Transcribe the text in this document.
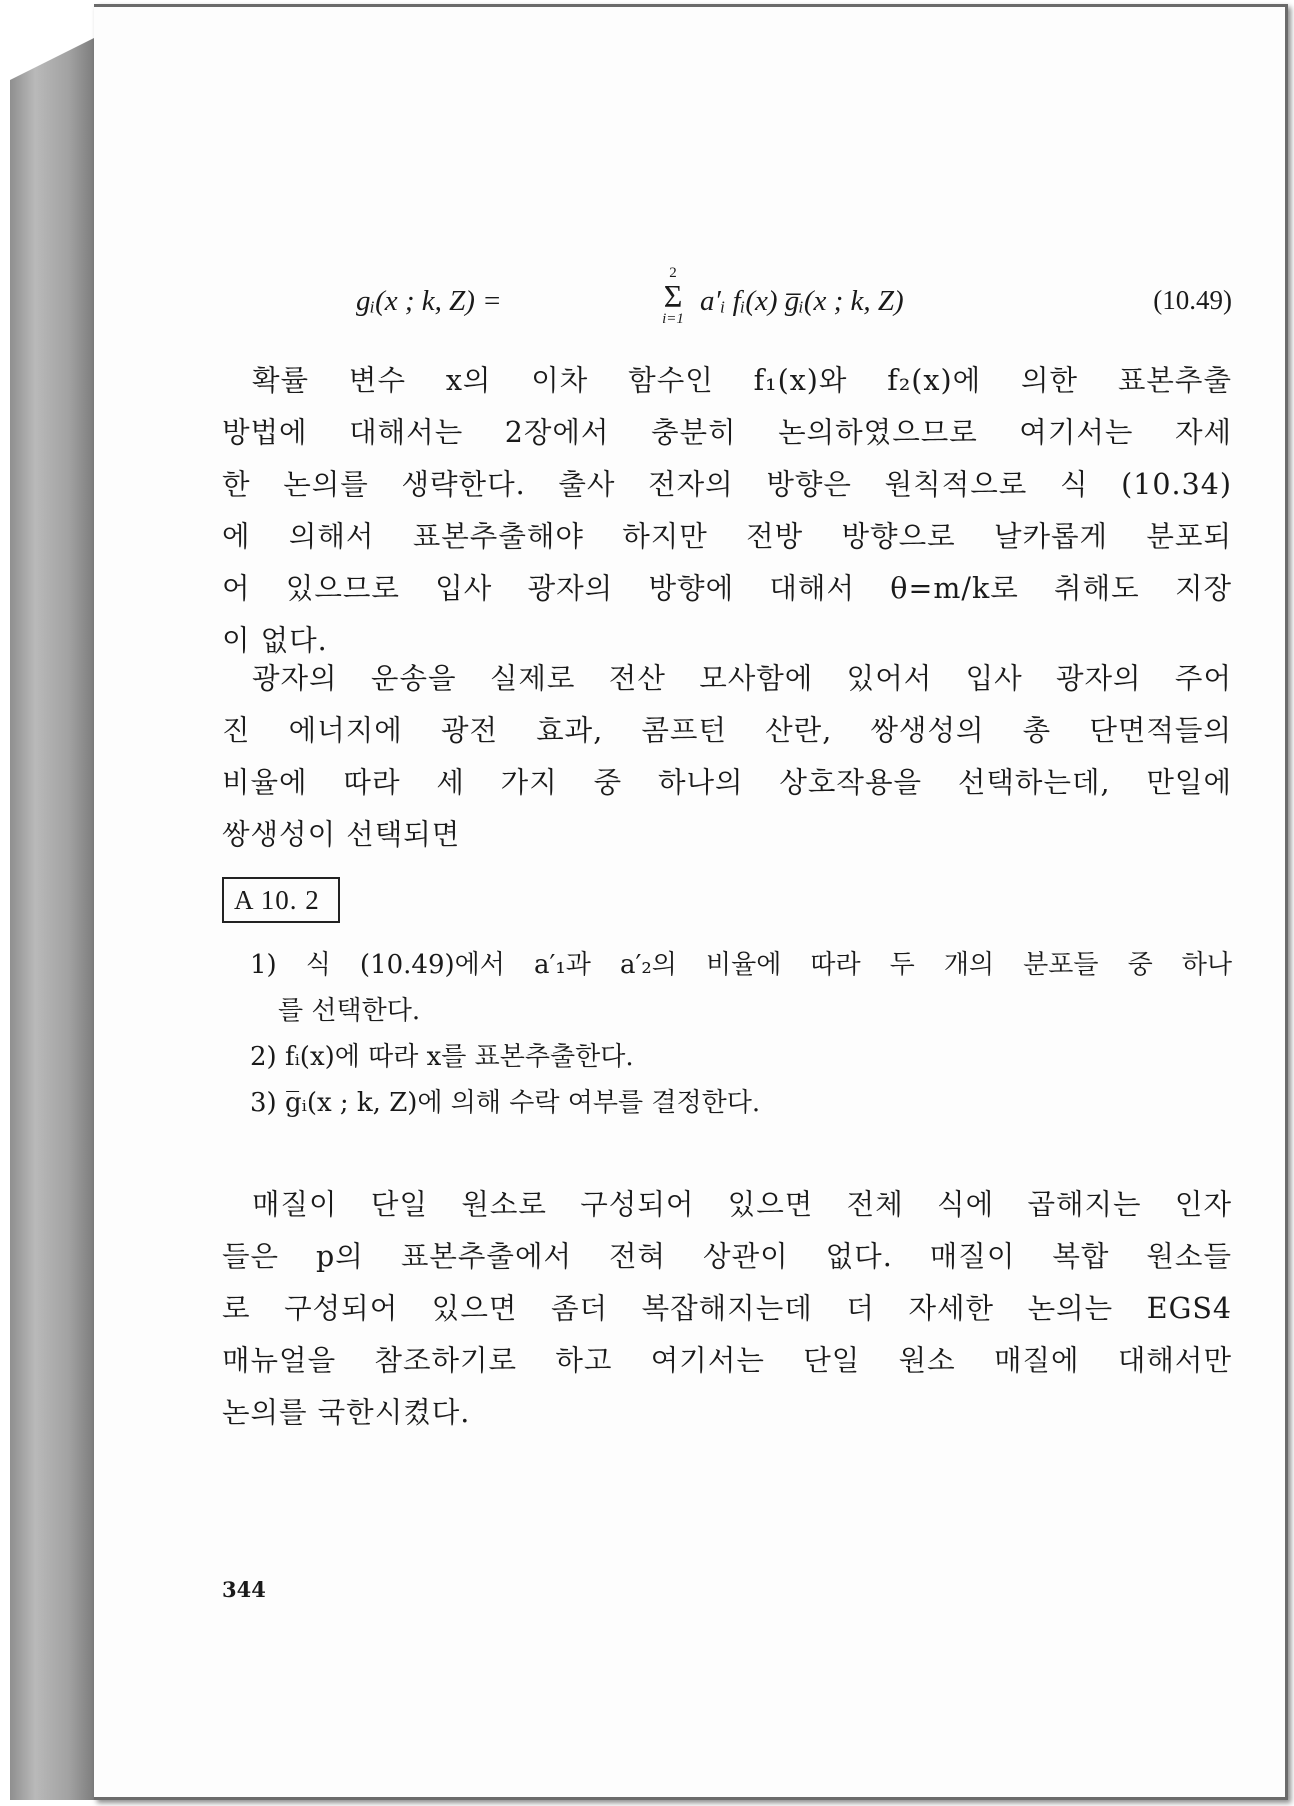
gᵢ(x ; k, Z) =
2
Σ
i=1
a′ᵢ fᵢ(x) g̅ᵢ(x ; k, Z)	(10.49)
확률 변수 x의 이차 함수인 f₁(x)와 f₂(x)에 의한 표본추출
방법에 대해서는 2장에서 충분히 논의하였으므로 여기서는 자세
한 논의를 생략한다. 출사 전자의 방향은 원칙적으로 식 (10.34)
에 의해서 표본추출해야 하지만 전방 방향으로 날카롭게 분포되
어 있으므로 입사 광자의 방향에 대해서 θ=m/k로 취해도 지장
이 없다.
광자의 운송을 실제로 전산 모사함에 있어서 입사 광자의 주어
진 에너지에 광전 효과, 콤프턴 산란, 쌍생성의 총 단면적들의
비율에 따라 세 가지 중 하나의 상호작용을 선택하는데, 만일에
쌍생성이 선택되면
A 10. 2
1) 식 (10.49)에서 a′₁과 a′₂의 비율에 따라 두 개의 분포들 중 하나
를 선택한다.
2) fᵢ(x)에 따라 x를 표본추출한다.
3) g̅ᵢ(x ; k, Z)에 의해 수락 여부를 결정한다.
매질이 단일 원소로 구성되어 있으면 전체 식에 곱해지는 인자
들은 p의 표본추출에서 전혀 상관이 없다. 매질이 복합 원소들
로 구성되어 있으면 좀더 복잡해지는데 더 자세한 논의는 EGS4
매뉴얼을 참조하기로 하고 여기서는 단일 원소 매질에 대해서만
논의를 국한시켰다.
344
